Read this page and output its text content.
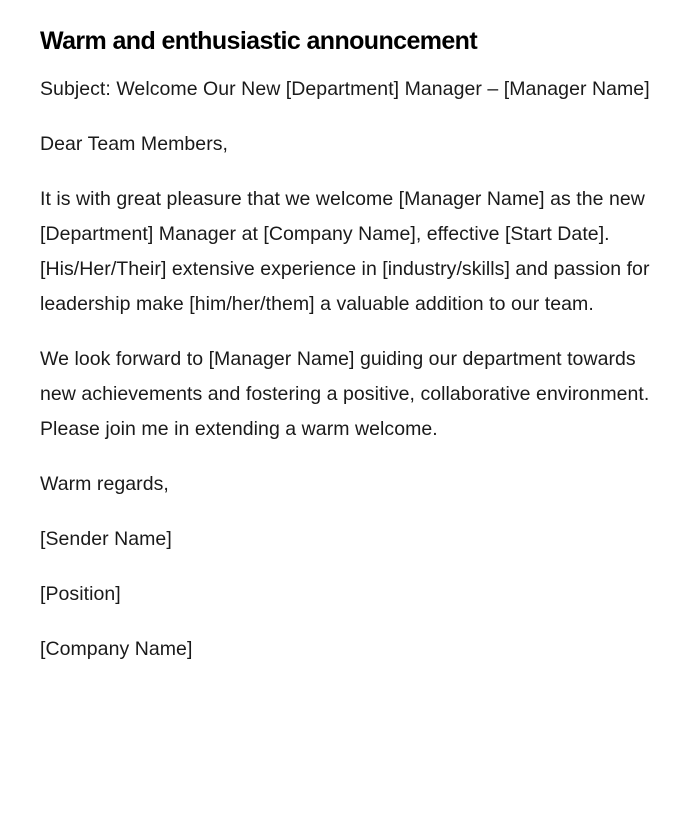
Warm and enthusiastic announcement

Subject: Welcome Our New [Department] Manager – [Manager Name]

Dear Team Members,

It is with great pleasure that we welcome [Manager Name] as the new [Department] Manager at [Company Name], effective [Start Date]. [His/Her/Their] extensive experience in [industry/skills] and passion for leadership make [him/her/them] a valuable addition to our team.

We look forward to [Manager Name] guiding our department towards new achievements and fostering a positive, collaborative environment. Please join me in extending a warm welcome.

Warm regards,

[Sender Name]

[Position]

[Company Name]
